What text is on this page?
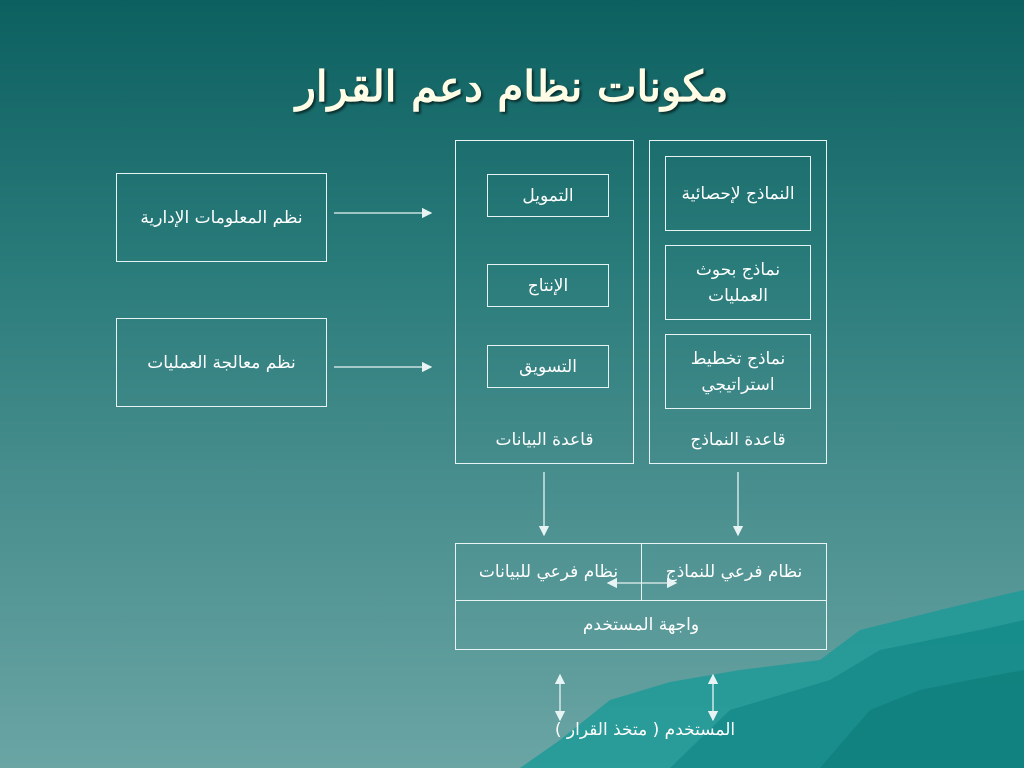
مكونات نظام دعم القرار
نظم المعلومات الإدارية
نظم معالجة العمليات
التمويل
الإنتاج
التسويق
قاعدة البيانات
النماذج لإحصائية
نماذج بحوث العمليات
نماذج تخطيط استراتيجي
قاعدة النماذج
نظام فرعي للبيانات	نظام فرعي للنماذج
واجهة المستخدم
المستخدم ( متخذ القرار )
